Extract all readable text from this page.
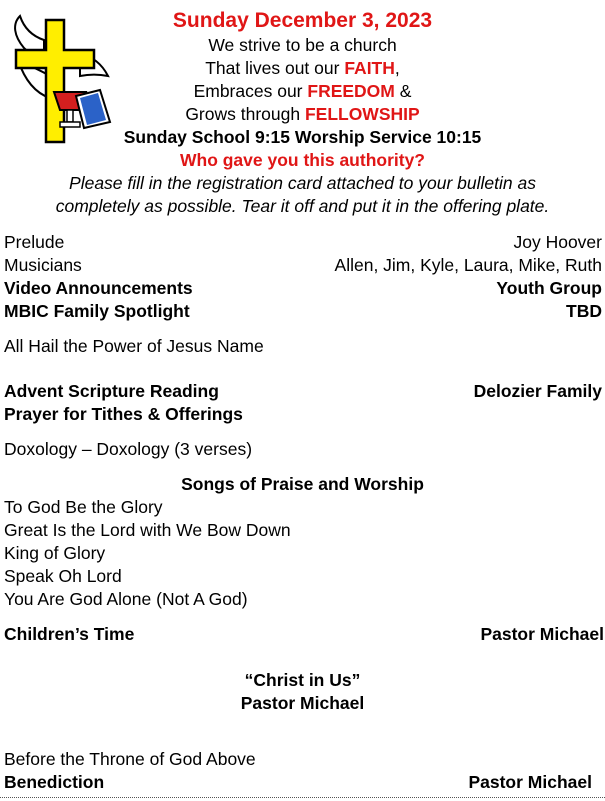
Sunday December 3, 2023
We strive to be a church
That lives out our FAITH,
Embraces our FREEDOM &
Grows through FELLOWSHIP
Sunday School 9:15 Worship Service 10:15
Who gave you this authority?
Please fill in the registration card attached to your bulletin as
completely as possible. Tear it off and put it in the offering plate.
Prelude	Joy Hoover
Musicians	Allen, Jim, Kyle, Laura, Mike, Ruth
Video Announcements	Youth Group
MBIC Family Spotlight	TBD
All Hail the Power of Jesus Name
Advent Scripture Reading	Delozier Family
Prayer for Tithes & Offerings
Doxology – Doxology (3 verses)
Songs of Praise and Worship
To God Be the Glory
Great Is the Lord with We Bow Down
King of Glory
Speak Oh Lord
You Are God Alone (Not A God)
Children’s Time	Pastor Michael
“Christ in Us”
Pastor Michael
Before the Throne of God Above
Benediction	Pastor Michael
